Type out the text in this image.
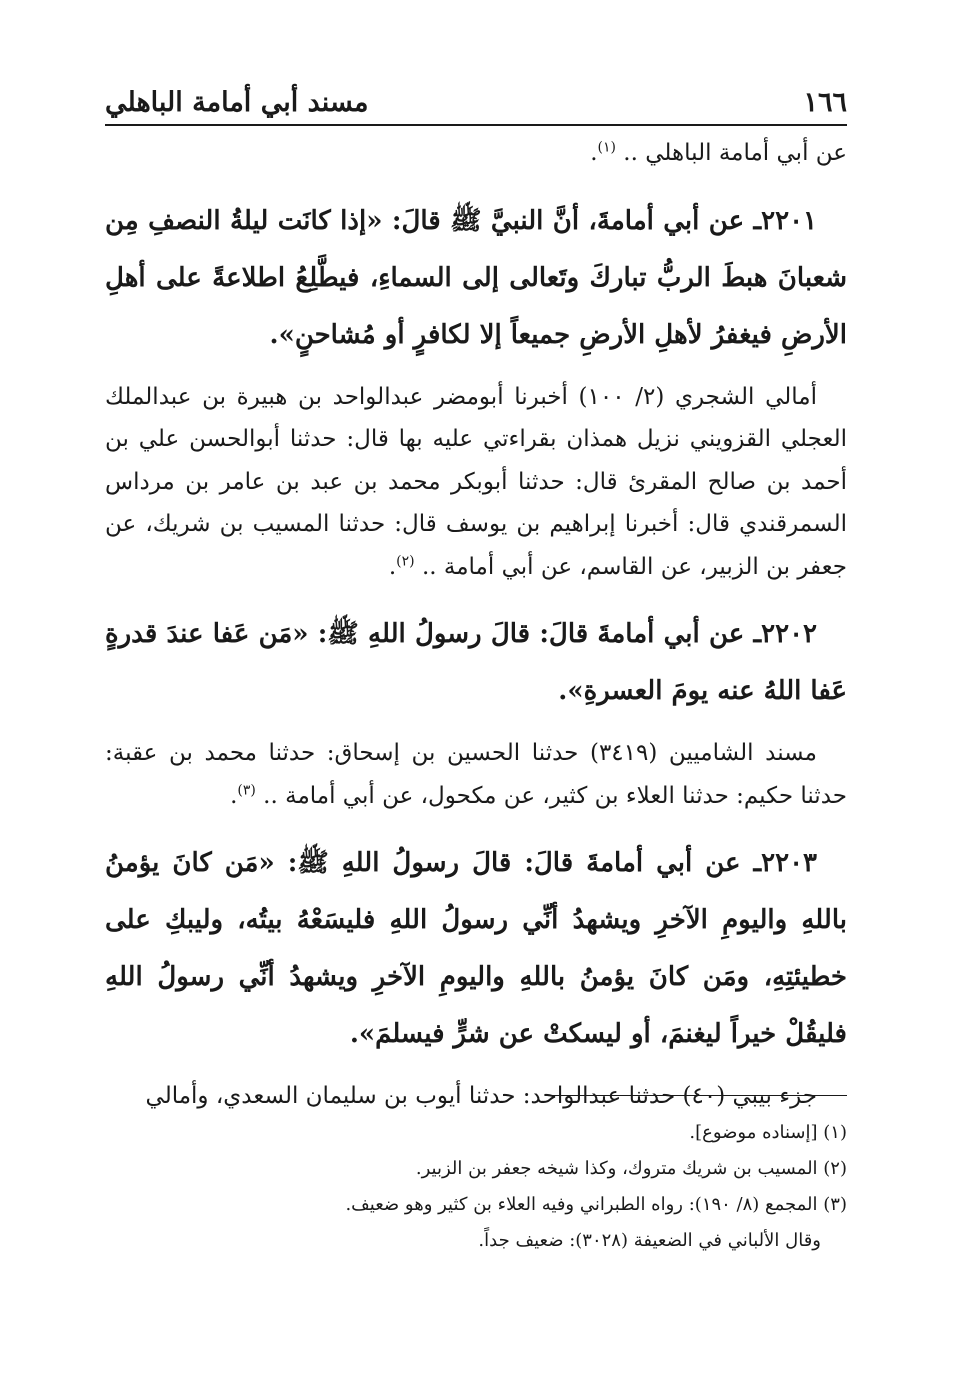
١٦٦
مسند أبي أمامة الباهلي

عن أبي أمامة الباهلي .. $^{(١)}$.

٢٢٠١ـ عن أبي أمامةَ، أنَّ النبيَّ ﷺ قالَ: «إذا كانَت ليلةُ النصفِ مِن شعبانَ هبطَ الربُّ تباركَ وتَعالى إلى السماءِ، فيطَّلِعُ اطلاعةً على أهلِ الأرضِ فيغفرُ لأهلِ الأرضِ جميعاً إلا لكافرٍ أو مُشاحنٍ».

أمالي الشجري (٢/ ١٠٠) أخبرنا أبومضر عبدالواحد بن هبيرة بن عبدالملك العجلي القزويني نزيل همذان بقراءتي عليه بها قال: حدثنا أبوالحسن علي بن أحمد بن صالح المقرئ قال: حدثنا أبوبكر محمد بن عبد بن عامر بن مرداس السمرقندي قال: أخبرنا إبراهيم بن يوسف قال: حدثنا المسيب بن شريك، عن جعفر بن الزبير، عن القاسم، عن أبي أمامة .. $^{(٢)}$.

٢٢٠٢ـ عن أبي أمامةَ قالَ: قالَ رسولُ اللهِ ﷺ: «مَن عَفا عندَ قدرةٍ عَفا اللهُ عنه يومَ العسرةِ».

مسند الشاميين (٣٤١٩) حدثنا الحسين بن إسحاق: حدثنا محمد بن عقبة: حدثنا حكيم: حدثنا العلاء بن كثير، عن مكحول، عن أبي أمامة .. $^{(٣)}$.

٢٢٠٣ـ عن أبي أمامةَ قالَ: قالَ رسولُ اللهِ ﷺ: «مَن كانَ يؤمنُ باللهِ واليومِ الآخرِ ويشهدُ أنِّي رسولُ اللهِ فليسَعْهُ بيتُه، وليبكِ على خطيئتِهِ، ومَن كانَ يؤمنُ باللهِ واليومِ الآخرِ ويشهدُ أنِّي رسولُ اللهِ فليقُلْ خيراً ليغنمَ، أو ليسكتْ عن شرٍّ فيسلمَ».

جزء بيبي (٤٠) حدثنا عبدالواحد: حدثنا أيوب بن سليمان السعدي، وأمالي

(١) [إسناده موضوع].

(٢) المسيب بن شريك متروك، وكذا شيخه جعفر بن الزبير.

(٣) المجمع (٨/ ١٩٠): رواه الطبراني وفيه العلاء بن كثير وهو ضعيف.

وقال الألباني في الضعيفة (٣٠٢٨): ضعيف جداً.
